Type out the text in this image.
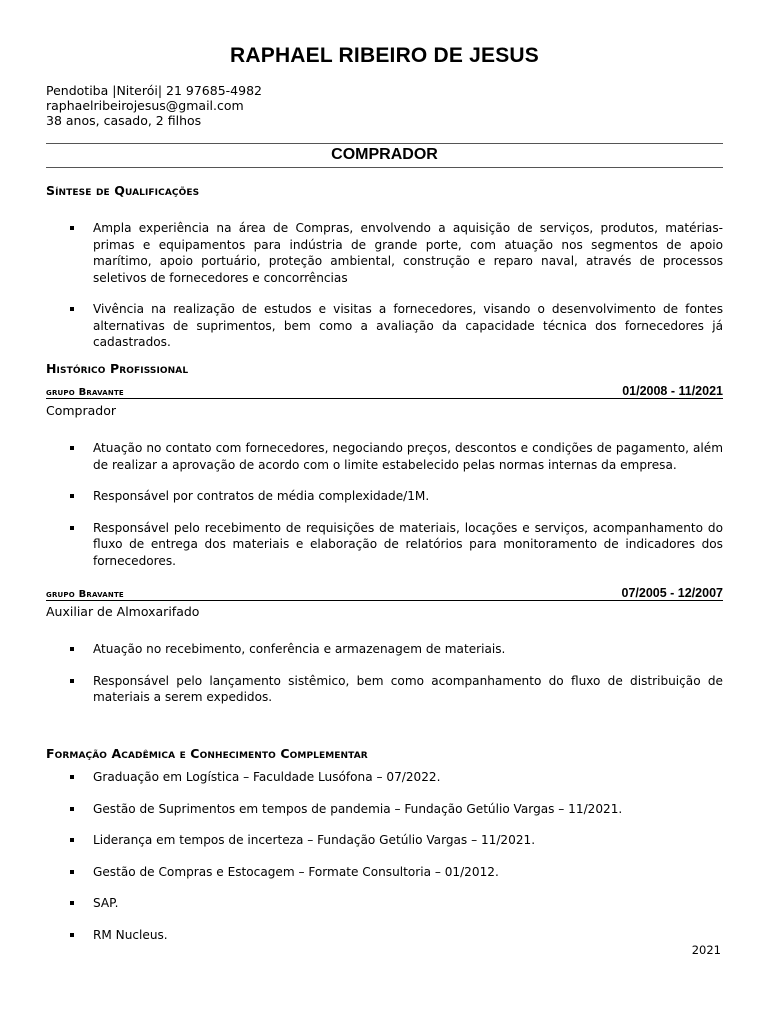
RAPHAEL RIBEIRO DE JESUS
Pendotiba |Niterói| 21 97685-4982
raphaelribeirojesus@gmail.com
38 anos, casado, 2 filhos
COMPRADOR
Síntese de Qualificações
Ampla experiência na área de Compras, envolvendo a aquisição de serviços, produtos, matérias-primas e equipamentos para indústria de grande porte, com atuação nos segmentos de apoio marítimo, apoio portuário, proteção ambiental, construção e reparo naval, através de processos seletivos de fornecedores e concorrências
Vivência na realização de estudos e visitas a fornecedores, visando o desenvolvimento de fontes alternativas de suprimentos, bem como a avaliação da capacidade técnica dos fornecedores já cadastrados.
Histórico Profissional
grupo Bravante	01/2008 - 11/2021
Comprador
Atuação no contato com fornecedores, negociando preços, descontos e condições de pagamento, além de realizar a aprovação de acordo com o limite estabelecido pelas normas internas da empresa.
Responsável por contratos de média complexidade/1M.
Responsável pelo recebimento de requisições de materiais, locações e serviços, acompanhamento do fluxo de entrega dos materiais e elaboração de relatórios para monitoramento de indicadores dos fornecedores.
grupo Bravante	07/2005 - 12/2007
Auxiliar de Almoxarifado
Atuação no recebimento, conferência e armazenagem de materiais.
Responsável pelo lançamento sistêmico, bem como acompanhamento do fluxo de distribuição de materiais a serem expedidos.
Formação Acadêmica e Conhecimento Complementar
Graduação em Logística – Faculdade Lusófona – 07/2022.
Gestão de Suprimentos em tempos de pandemia – Fundação Getúlio Vargas – 11/2021.
Liderança em tempos de incerteza – Fundação Getúlio Vargas – 11/2021.
Gestão de Compras e Estocagem – Formate Consultoria – 01/2012.
SAP.
RM Nucleus.
2021
